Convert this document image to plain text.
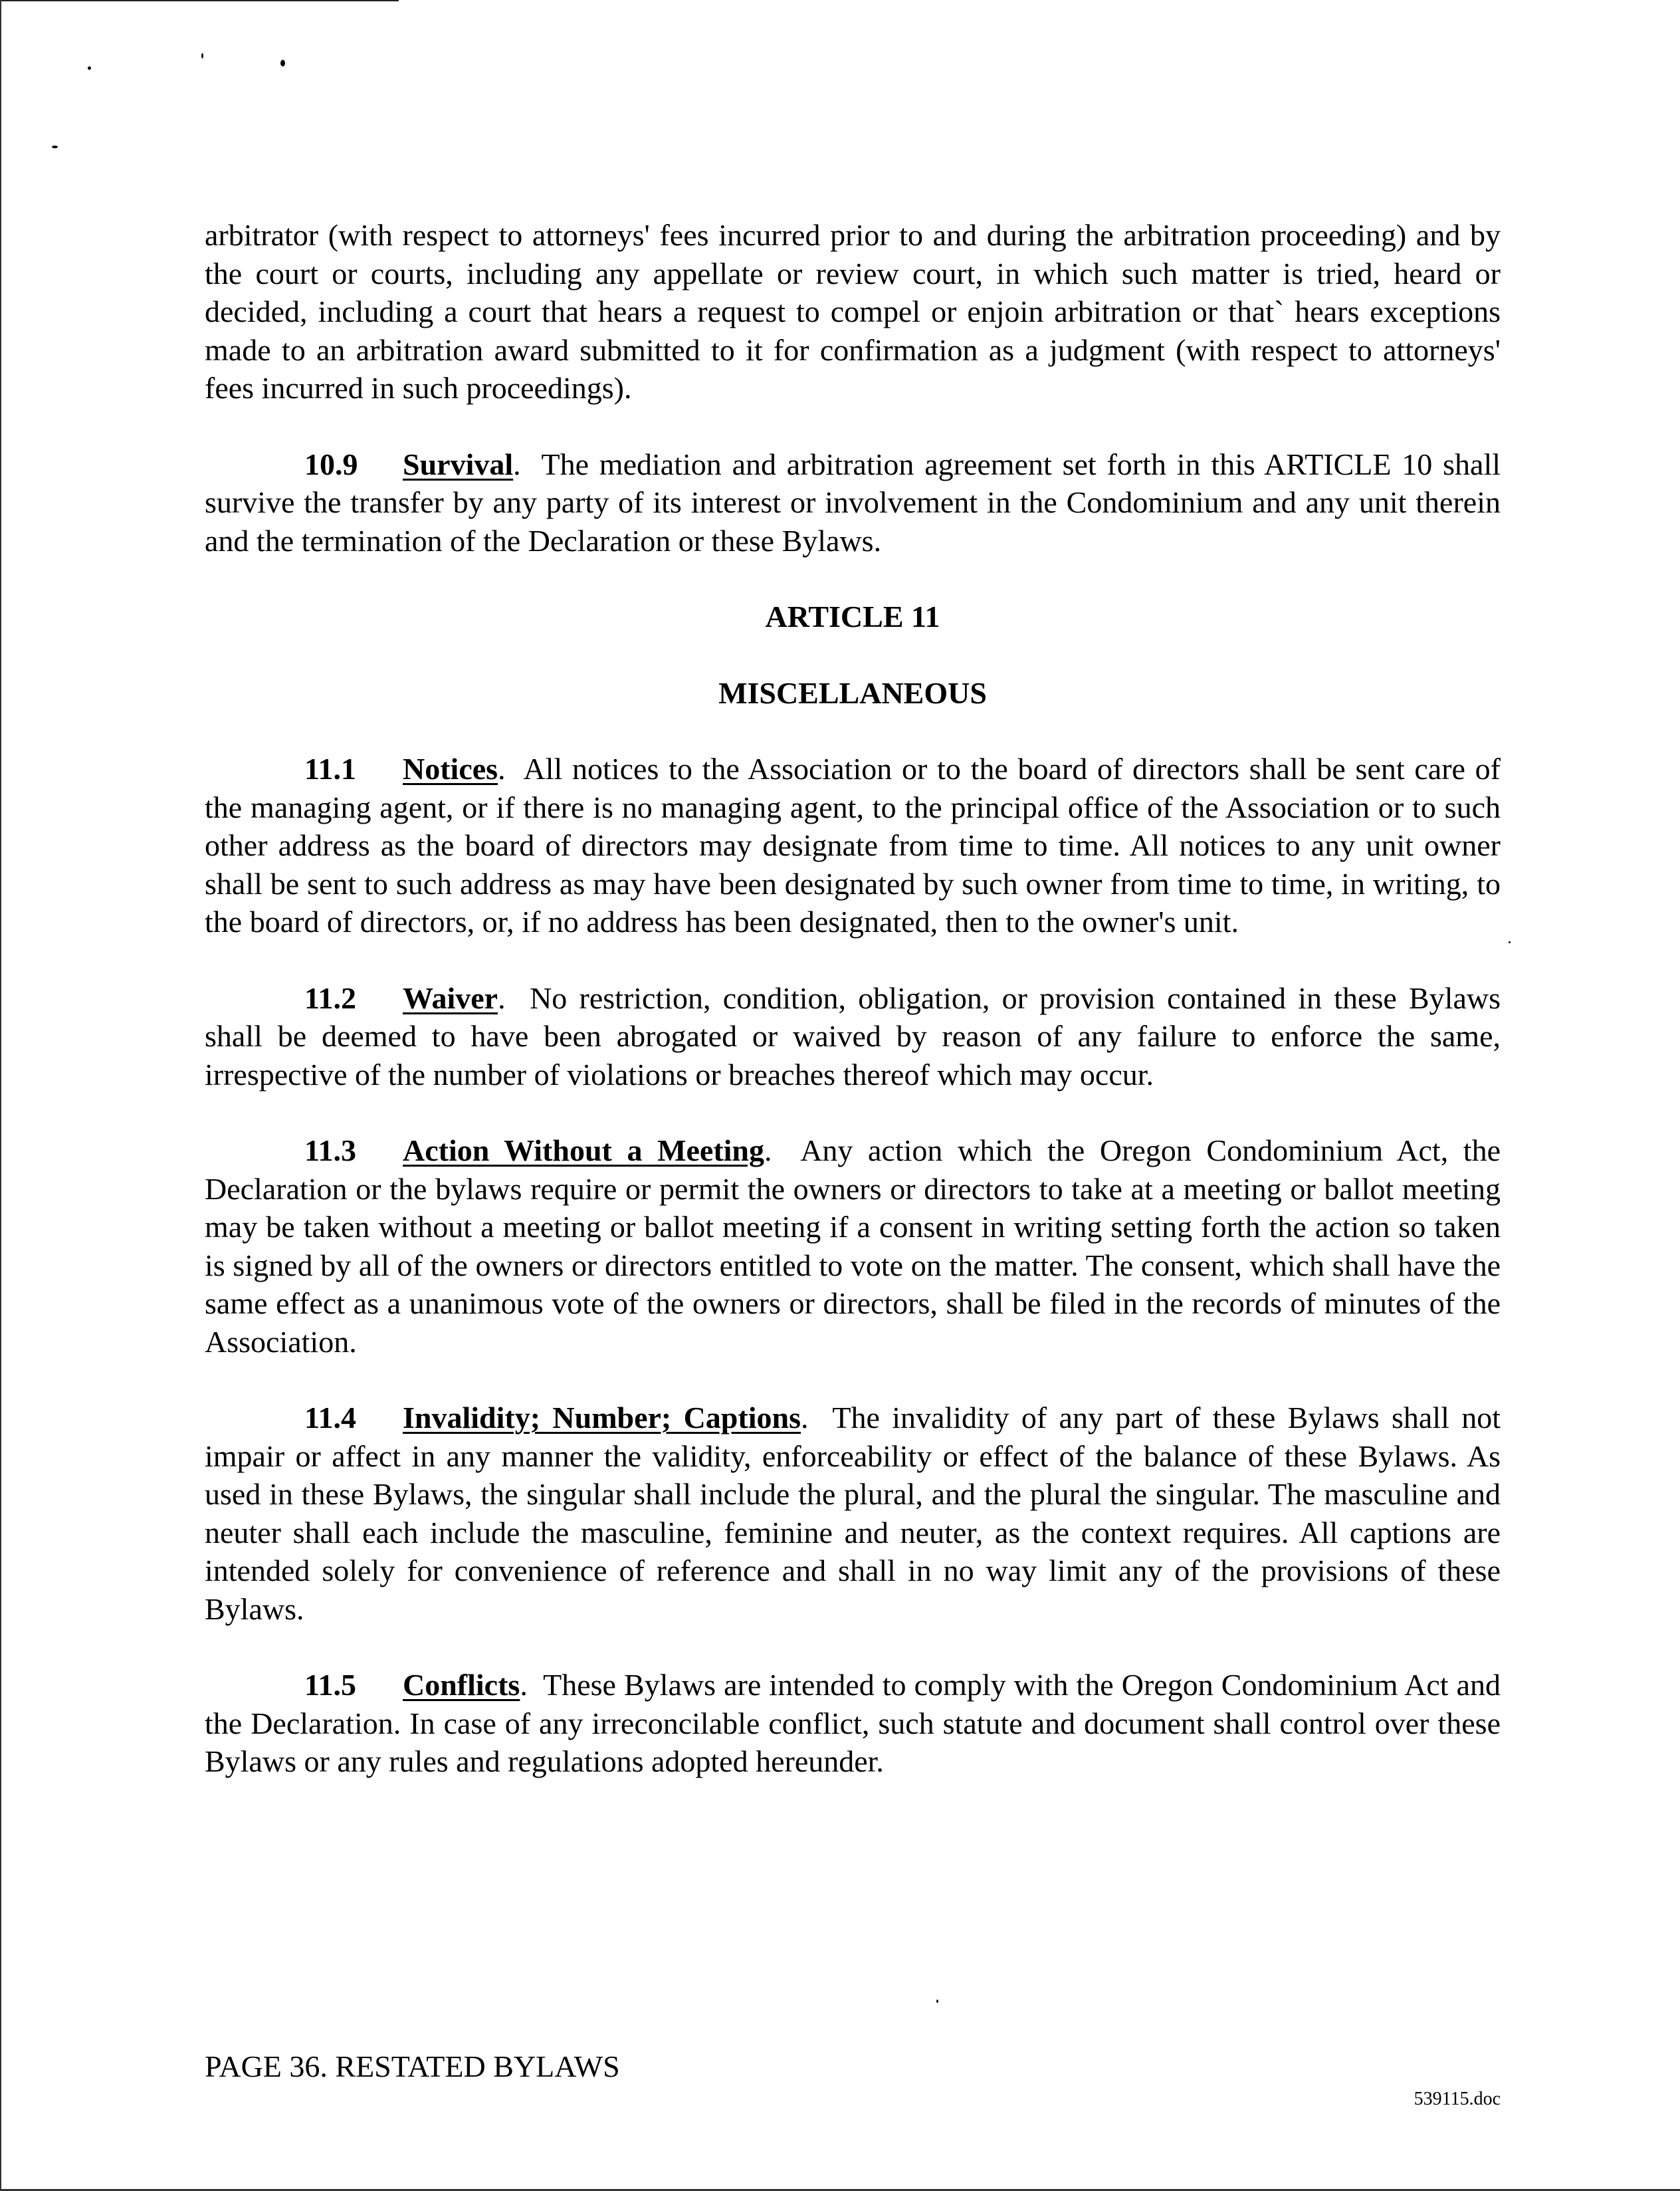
arbitrator (with respect to attorneys' fees incurred prior to and during the arbitration proceeding) and by the court or courts, including any appellate or review court, in which such matter is tried, heard or decided, including a court that hears a request to compel or enjoin arbitration or that` hears exceptions made to an arbitration award submitted to it for confirmation as a judgment (with respect to attorneys' fees incurred in such proceedings).

10.9 Survival.  The mediation and arbitration agreement set forth in this ARTICLE 10 shall survive the transfer by any party of its interest or involvement in the Condominium and any unit therein and the termination of the Declaration or these Bylaws.

ARTICLE 11
MISCELLANEOUS

11.1 Notices.  All notices to the Association or to the board of directors shall be sent care of the managing agent, or if there is no managing agent, to the principal office of the Association or to such other address as the board of directors may designate from time to time. All notices to any unit owner shall be sent to such address as may have been designated by such owner from time to time, in writing, to the board of directors, or, if no address has been designated, then to the owner's unit.

11.2 Waiver.  No restriction, condition, obligation, or provision contained in these Bylaws shall be deemed to have been abrogated or waived by reason of any failure to enforce the same, irrespective of the number of violations or breaches thereof which may occur.

11.3 Action Without a Meeting.  Any action which the Oregon Condominium Act, the Declaration or the bylaws require or permit the owners or directors to take at a meeting or ballot meeting may be taken without a meeting or ballot meeting if a consent in writing setting forth the action so taken is signed by all of the owners or directors entitled to vote on the matter. The consent, which shall have the same effect as a unanimous vote of the owners or directors, shall be filed in the records of minutes of the Association.

11.4 Invalidity; Number; Captions.  The invalidity of any part of these Bylaws shall not impair or affect in any manner the validity, enforceability or effect of the balance of these Bylaws. As used in these Bylaws, the singular shall include the plural, and the plural the singular. The masculine and neuter shall each include the masculine, feminine and neuter, as the context requires. All captions are intended solely for convenience of reference and shall in no way limit any of the provisions of these Bylaws.

11.5 Conflicts.  These Bylaws are intended to comply with the Oregon Condominium Act and the Declaration. In case of any irreconcilable conflict, such statute and document shall control over these Bylaws or any rules and regulations adopted hereunder.

PAGE 36. RESTATED BYLAWS
539115.doc
